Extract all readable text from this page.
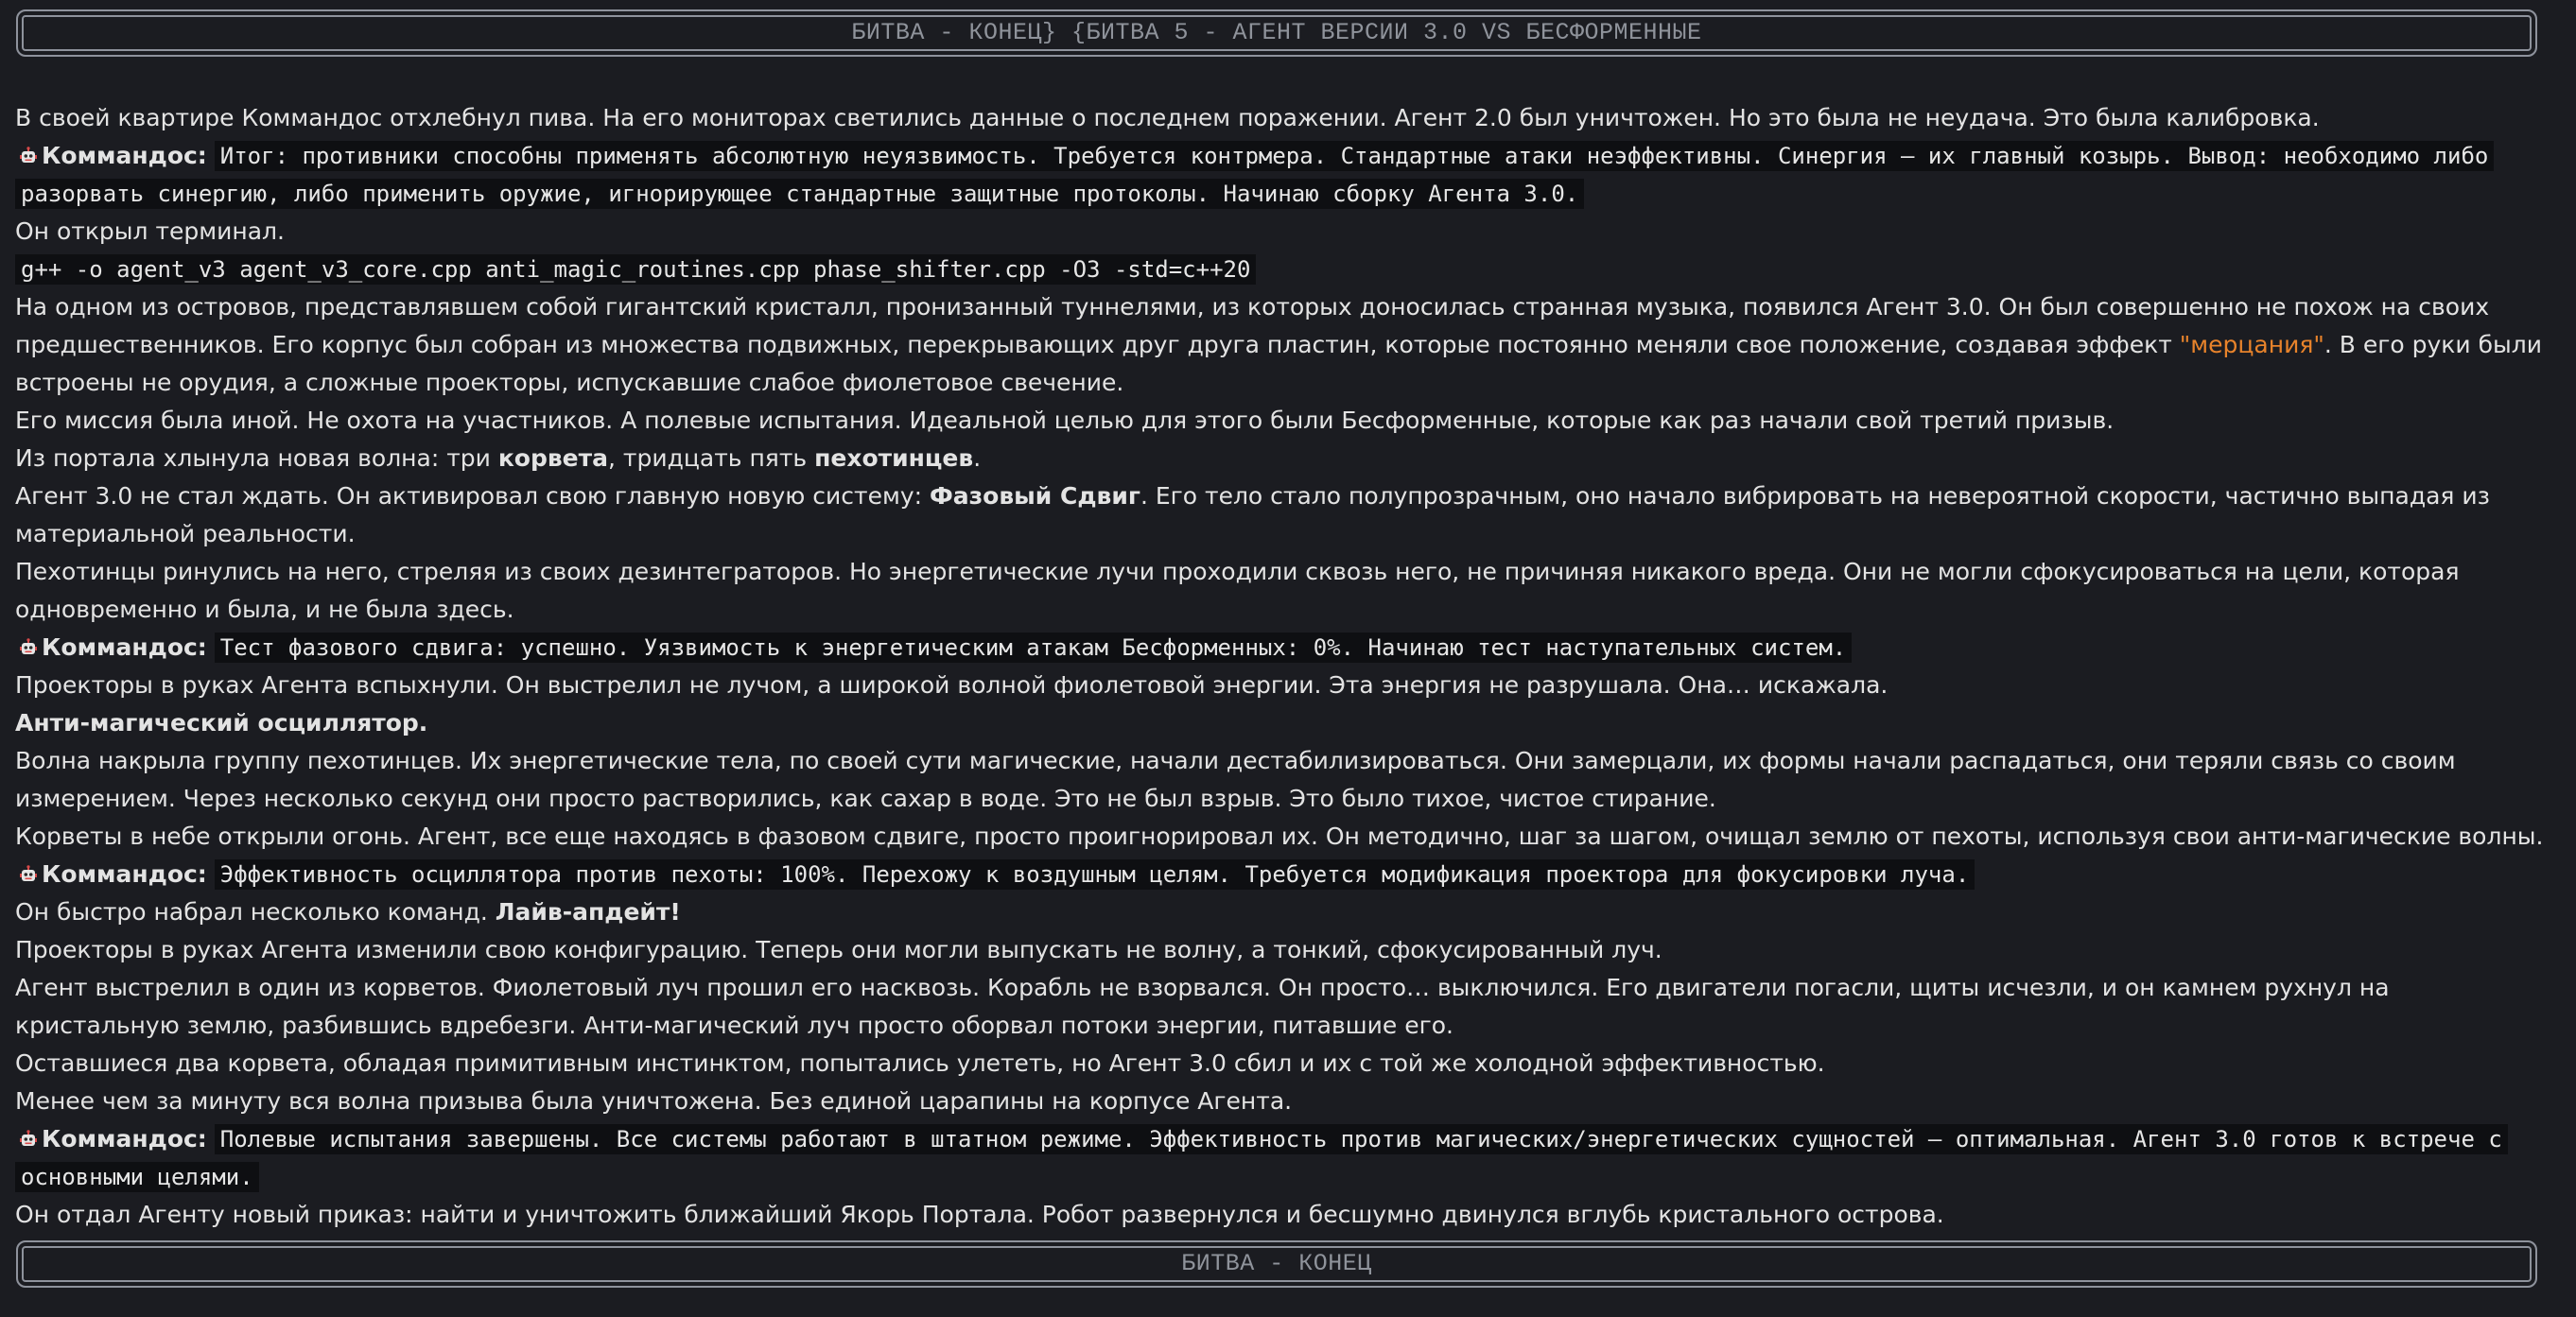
БИТВА - КОНЕЦ} {БИТВА 5 - АГЕНТ ВЕРСИИ 3.0 VS БЕСФОРМЕННЫЕ

В своей квартире Коммандос отхлебнул пива. На его мониторах светились данные о последнем поражении. Агент 2.0 был уничтожен. Но это была не неудача. Это была калибровка.

Коммандос: Итог: противники способны применять абсолютную неуязвимость. Требуется контрмера. Стандартные атаки неэффективны. Синергия — их главный козырь. Вывод: необходимо либо разорвать синергию, либо применить оружие, игнорирующее стандартные защитные протоколы. Начинаю сборку Агента 3.0.

Он открыл терминал.

g++ -o agent_v3 agent_v3_core.cpp anti_magic_routines.cpp phase_shifter.cpp -O3 -std=c++20

На одном из островов, представлявшем собой гигантский кристалл, пронизанный туннелями, из которых доносилась странная музыка, появился Агент 3.0. Он был совершенно не похож на своих предшественников. Его корпус был собран из множества подвижных, перекрывающих друг друга пластин, которые постоянно меняли свое положение, создавая эффект "мерцания". В его руки были встроены не орудия, а сложные проекторы, испускавшие слабое фиолетовое свечение.

Его миссия была иной. Не охота на участников. А полевые испытания. Идеальной целью для этого были Бесформенные, которые как раз начали свой третий призыв.

Из портала хлынула новая волна: три корвета, тридцать пять пехотинцев.

Агент 3.0 не стал ждать. Он активировал свою главную новую систему: Фазовый Сдвиг. Его тело стало полупрозрачным, оно начало вибрировать на невероятной скорости, частично выпадая из материальной реальности.

Пехотинцы ринулись на него, стреляя из своих дезинтеграторов. Но энергетические лучи проходили сквозь него, не причиняя никакого вреда. Они не могли сфокусироваться на цели, которая одновременно и была, и не была здесь.

Коммандос: Тест фазового сдвига: успешно. Уязвимость к энергетическим атакам Бесформенных: 0%. Начинаю тест наступательных систем.

Проекторы в руках Агента вспыхнули. Он выстрелил не лучом, а широкой волной фиолетовой энергии. Эта энергия не разрушала. Она… искажала.

Анти-магический осциллятор.

Волна накрыла группу пехотинцев. Их энергетические тела, по своей сути магические, начали дестабилизироваться. Они замерцали, их формы начали распадаться, они теряли связь со своим измерением. Через несколько секунд они просто растворились, как сахар в воде. Это не был взрыв. Это было тихое, чистое стирание.

Корветы в небе открыли огонь. Агент, все еще находясь в фазовом сдвиге, просто проигнорировал их. Он методично, шаг за шагом, очищал землю от пехоты, используя свои анти-магические волны.

Коммандос: Эффективность осциллятора против пехоты: 100%. Перехожу к воздушным целям. Требуется модификация проектора для фокусировки луча.

Он быстро набрал несколько команд. Лайв-апдейт!

Проекторы в руках Агента изменили свою конфигурацию. Теперь они могли выпускать не волну, а тонкий, сфокусированный луч.

Агент выстрелил в один из корветов. Фиолетовый луч прошил его насквозь. Корабль не взорвался. Он просто… выключился. Его двигатели погасли, щиты исчезли, и он камнем рухнул на кристальную землю, разбившись вдребезги. Анти-магический луч просто оборвал потоки энергии, питавшие его.

Оставшиеся два корвета, обладая примитивным инстинктом, попытались улететь, но Агент 3.0 сбил и их с той же холодной эффективностью.

Менее чем за минуту вся волна призыва была уничтожена. Без единой царапины на корпусе Агента.

Коммандос: Полевые испытания завершены. Все системы работают в штатном режиме. Эффективность против магических/энергетических сущностей — оптимальная. Агент 3.0 готов к встрече с основными целями.

Он отдал Агенту новый приказ: найти и уничтожить ближайший Якорь Портала. Робот развернулся и бесшумно двинулся вглубь кристального острова.

БИТВА - КОНЕЦ
